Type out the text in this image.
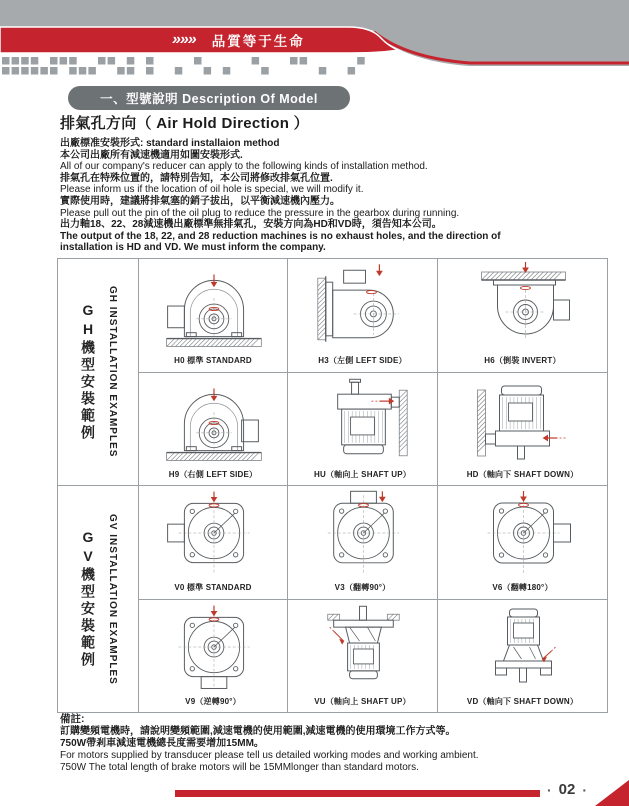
»»» 品質等于生命
一、型號說明 Description Of Model
排氣孔方向（ Air Hold Direction ）
出廠標准安裝形式: standard installaion method
本公司出廠所有減速機適用如圖安裝形式.
All of our company's reducer can apply to the following kinds of installation method.
排氣孔在特殊位置的，請特別告知，本公司將修改排氣孔位置.
Please inform us if the location of oil hole is special, we will modify it.
實際使用時，建議將排氣塞的銷子拔出，以平衡減速機內壓力。
Please pull out the pin of the oil plug to reduce the pressure in the gearbox during running.
出力軸18、22、28減速機出廠標準無排氣孔，安裝方向為HD和VD時，須告知本公司。
The output of the 18, 22, and 28 reduction machines is no exhaust holes, and the direction of
installation is HD and VD. We must inform the company.
GH機型安裝範例 GH INSTALLATION EXAMPLES	H0 標準 STANDARD	H3（左側 LEFT SIDE）	H6（倒裝 INVERT）
H9（右側 LEFT SIDE）	HU（軸向上 SHAFT UP）	HD（軸向下 SHAFT DOWN）
GV機型安裝範例 GV INSTALLATION EXAMPLES	V0 標準 STANDARD	V3（翻轉90°）	V6（翻轉180°）
V9（逆轉90°）	VU（軸向上 SHAFT UP）	VD（軸向下 SHAFT DOWN）
備註:
訂購變頻電機時，請說明變頻範圍,減速電機的使用範圍,減速電機的使用環境工作方式等。
750W帶剎車減速電機總長度需要增加15MM。
For motors supplied by transducer please tell us detailed working modes and working ambient.
750W The total length of brake motors will be 15MMlonger than standard motors.
· 02 ·
